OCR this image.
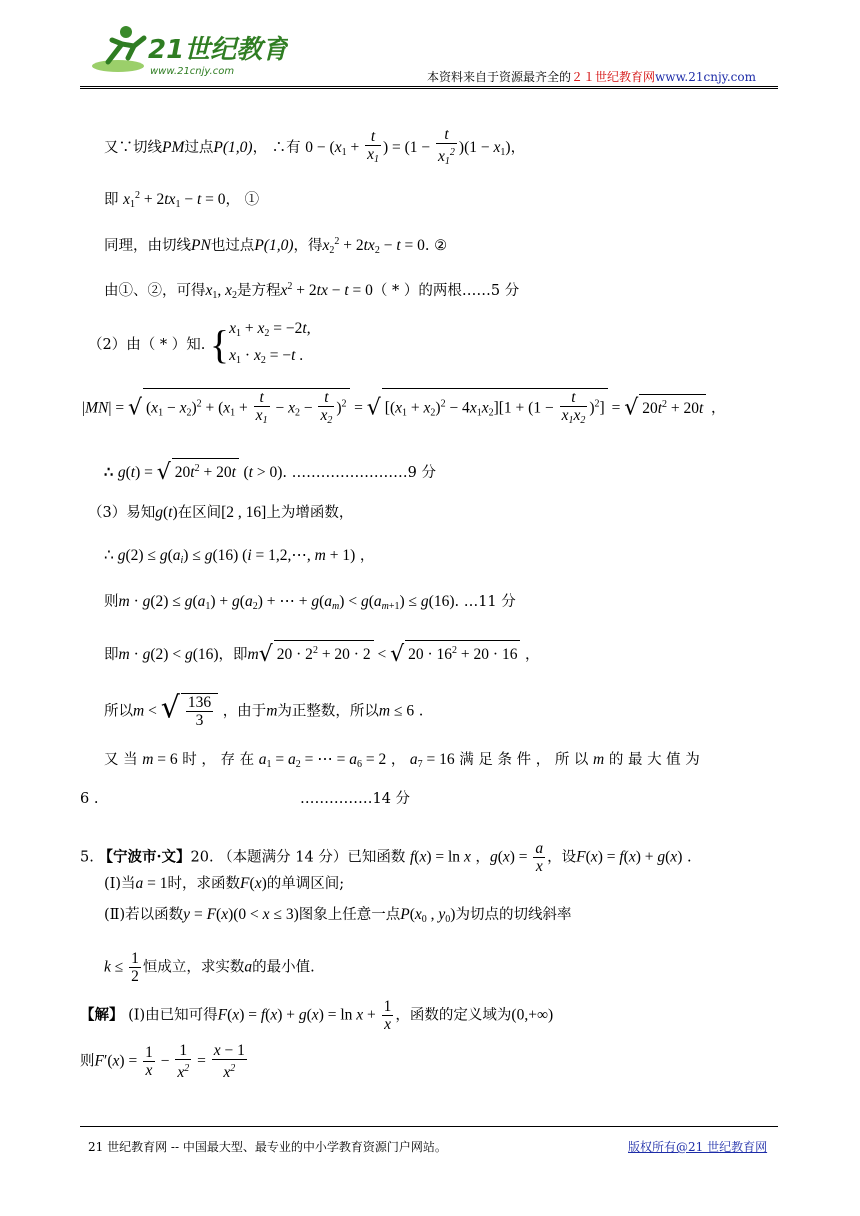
21世纪教育
www.21cnjy.com	本资料来自于资源最齐全的２１世纪教育网www.21cnjy.com
又∵切线PM过点P(1,0)， ∴有 $0 - (x_1 + \frac{t}{x_1}$ ) = $(1 - \frac{t}{x_1^2} )(1 - x_1)$，
即 $x_1^2 + 2tx_1 - t = 0$， ①
同理，由切线PN也过点P(1,0)，得$x_2^2 + 2tx_2 - t = 0$. ②
由①、②，可得$x_1$, $x_2$是方程$x^2 + 2tx - t = 0$（ * ）的两根……5 分
（2）由（ * ）知. { $x_1 + x_2 = -2t$,
$x_1 \cdot x_2 = -t$ .
|MN| = √ $(x_1 - x_2)^2 + (x_1 + \frac{t}{x_1} - x_2 - \frac{t}{x_2} )^2$ = √ $[(x_1 + x_2)^2 - 4x_1x_2][1 + (1 - \frac{t}{x_1x_2} )^2]$ = √ $20t^2 + 20t$ ，
∴ g(t) = √ $20t^2 + 20t$ (t > 0). ……………………9 分
（3）易知g(t)在区间[2 , 16]上为增函数，
∴ $g(2) \le g(a_i) \le g(16) (i$ = 1,2,⋯, m + 1) ，
则$m \cdot g(2) \le g(a_1) + g(a_2)$ + ⋯ + $g(a_m) < g(a_{m+1}) \le g(16)$. …11 分
即m · g(2) < g(16)，即m√ $20 \cdot 2^2 + 20 \cdot 2$ < √ $20 \cdot 16^2 + 20 \cdot 16$ ，
所以m < √ $\frac{136}{3}$ ，由于m为正整数，所以m ≤ 6 .
又 当 m = 6 时 ， 存 在 $a_1 = a_2$ = ⋯ = $a_6 = 2$ ， $a_7 = 16$ 满 足 条 件 ， 所 以 m 的 最 大 值 为
6 .	……………14 分
5. 【宁波市·文】20. （本题满分 14 分）已知函数 f(x) = ln x ，$g(x) = \frac{a}{x}$ ，设F(x) = f(x) + g(x) .
(Ⅰ)当a = 1时，求函数F(x)的单调区间;
(Ⅱ)若以函数y = F(x)(0 < x ≤ 3)图象上任意一点$P(x_0$ , $y_0$)为切点的切线斜率
$k \le \frac{1}{2}$ 恒成立，求实数a的最小值.
【解】 (Ⅰ)由已知可得$F(x) = f(x) + g(x) = \ln x + \frac{1}{x}$ ，函数的定义域为(0,+∞)
则$F'(x) = \frac{1}{x} - \frac{1}{x^2} = \frac{x - 1}{x^2}$
21 世纪教育网 -- 中国最大型、最专业的中小学教育资源门户网站。	版权所有@21 世纪教育网
